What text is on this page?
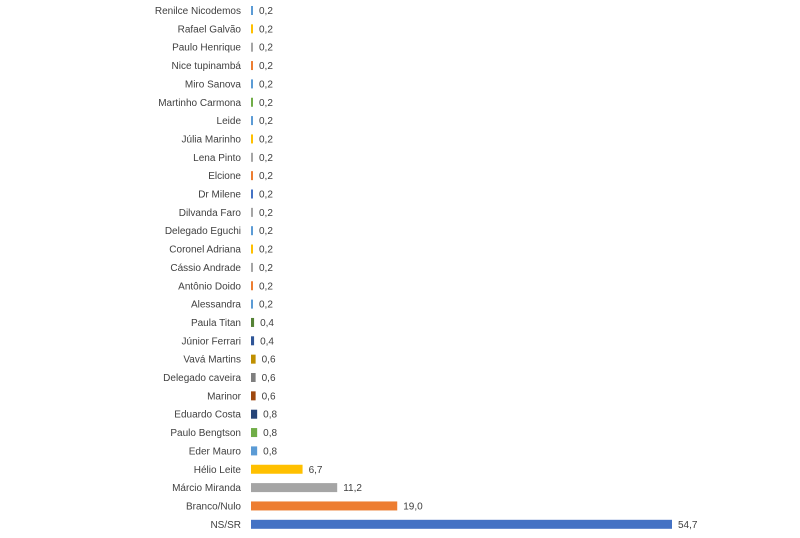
Renilce Nicodemos
Rafael Galvão
Paulo Henrique
Nice tupinambá
Miro Sanova
Martinho Carmona
Leide
Júlia Marinho
Lena Pinto
Elcione
Dr Milene
Dilvanda Faro
Delegado Eguchi
Coronel Adriana
Cássio Andrade
Antônio Doido
Alessandra
Paula Titan
Júnior Ferrari
Vavá Martins
Delegado caveira
Marinor
Eduardo Costa
Paulo Bengtson
Eder Mauro
Hélio Leite
Márcio Miranda
Branco/Nulo
NS/SR
0,2
0,2
0,2
0,2
0,2
0,2
0,2
0,2
0,2
0,2
0,2
0,2
0,2
0,2
0,2
0,2
0,2
0,4
0,4
0,6
0,6
0,6
0,8
0,8
0,8
6,7
11,2
19,0
54,7
